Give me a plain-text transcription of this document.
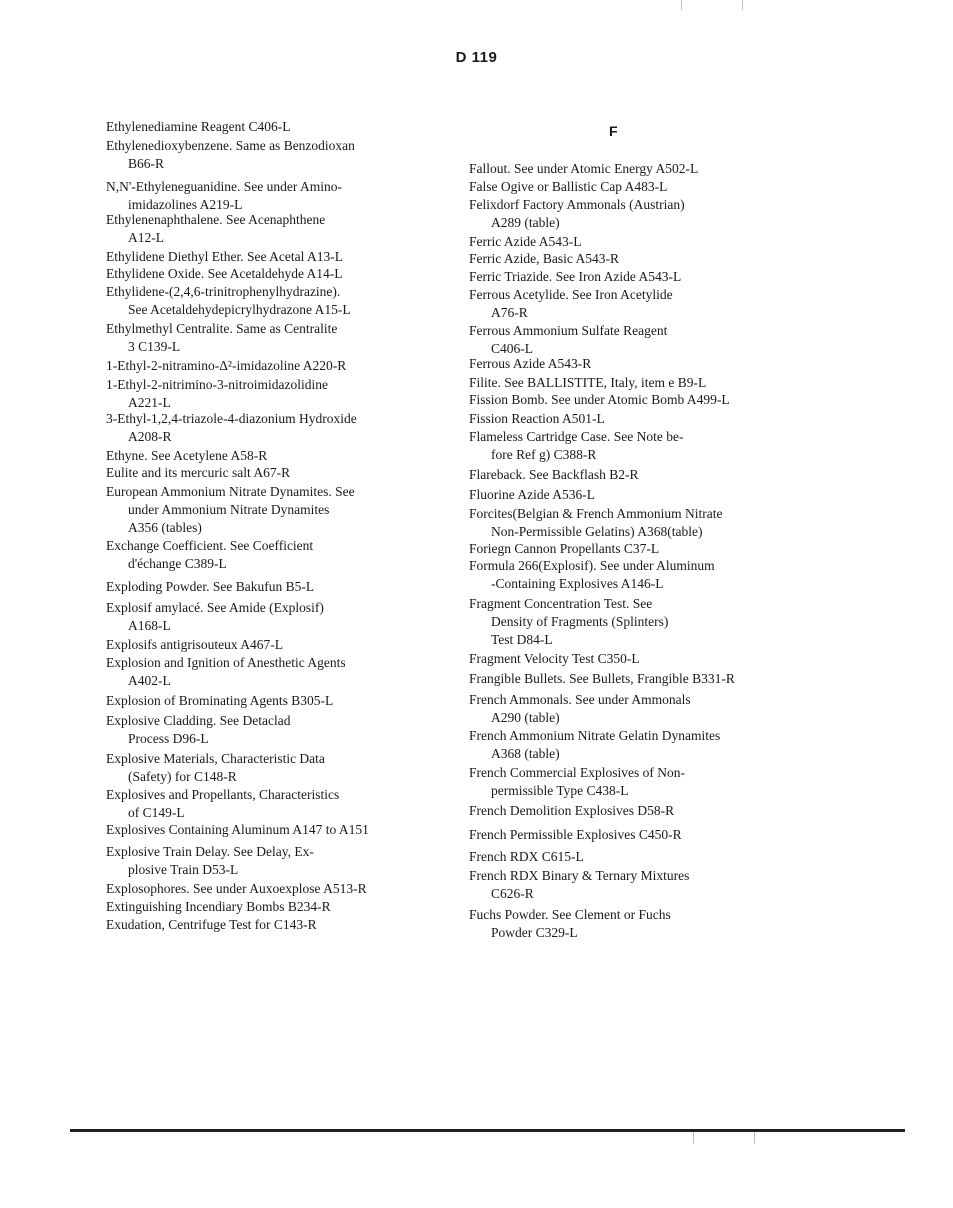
D 119
Ethylenediamine Reagent C406-L
Ethylenedioxybenzene. Same as Benzodioxan
B66-R
N,N'-Ethyleneguanidine. See under Amino-
imidazolines A219-L
Ethylenenaphthalene. See Acenaphthene
A12-L
Ethylidene Diethyl Ether. See Acetal A13-L
Ethylidene Oxide. See Acetaldehyde A14-L
Ethylidene-(2,4,6-trinitrophenylhydrazine).
See Acetaldehydepicrylhydrazone A15-L
Ethylmethyl Centralite. Same as Centralite
3 C139-L
1-Ethyl-2-nitramino-Δ²-imidazoline A220-R
1-Ethyl-2-nitrimino-3-nitroimidazolidine
A221-L
3-Ethyl-1,2,4-triazole-4-diazonium Hydroxide
A208-R
Ethyne. See Acetylene A58-R
Eulite and its mercuric salt A67-R
European Ammonium Nitrate Dynamites. See
under Ammonium Nitrate Dynamites
A356 (tables)
Exchange Coefficient. See Coefficient
d'échange C389-L
Exploding Powder. See Bakufun B5-L
Explosif amylacé. See Amide (Explosif)
A168-L
Explosifs antigrisouteux A467-L
Explosion and Ignition of Anesthetic Agents
A402-L
Explosion of Brominating Agents B305-L
Explosive Cladding. See Detaclad
Process D96-L
Explosive Materials, Characteristic Data
(Safety) for C148-R
Explosives and Propellants, Characteristics
of C149-L
Explosives Containing Aluminum A147 to A151
Explosive Train Delay. See Delay, Ex-
plosive Train D53-L
Explosophores. See under Auxoexplose A513-R
Extinguishing Incendiary Bombs B234-R
Exudation, Centrifuge Test for C143-R
F
Fallout. See under Atomic Energy A502-L
False Ogive or Ballistic Cap A483-L
Felixdorf Factory Ammonals (Austrian)
A289 (table)
Ferric Azide A543-L
Ferric Azide, Basic A543-R
Ferric Triazide. See Iron Azide A543-L
Ferrous Acetylide. See Iron Acetylide
A76-R
Ferrous Ammonium Sulfate Reagent
C406-L
Ferrous Azide A543-R
Filite. See BALLISTITE, Italy, item e B9-L
Fission Bomb. See under Atomic Bomb A499-L
Fission Reaction A501-L
Flameless Cartridge Case. See Note be-
fore Ref g) C388-R
Flareback. See Backflash B2-R
Fluorine Azide A536-L
Forcites(Belgian & French Ammonium Nitrate
Non-Permissible Gelatins) A368(table)
Foriegn Cannon Propellants C37-L
Formula 266(Explosif). See under Aluminum
-Containing Explosives A146-L
Fragment Concentration Test. See
Density of Fragments (Splinters)
Test D84-L
Fragment Velocity Test C350-L
Frangible Bullets. See Bullets, Frangible B331-R
French Ammonals. See under Ammonals
A290 (table)
French Ammonium Nitrate Gelatin Dynamites
A368 (table)
French Commercial Explosives of Non-
permissible Type C438-L
French Demolition Explosives D58-R
French Permissible Explosives C450-R
French RDX C615-L
French RDX Binary & Ternary Mixtures
C626-R
Fuchs Powder. See Clement or Fuchs
Powder C329-L
